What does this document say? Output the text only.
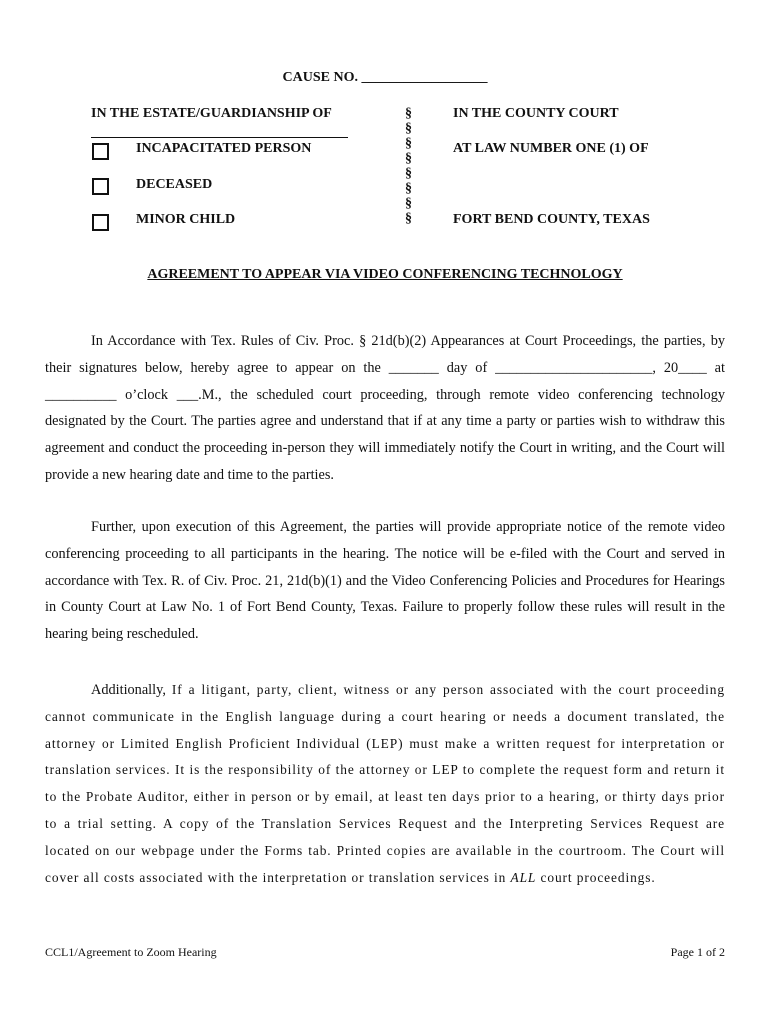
CAUSE NO. __________________
IN THE ESTATE/GUARDIANSHIP OF
INCAPACITATED PERSON
DECEASED
MINOR CHILD
§
§
§
§
§
§
§
§
IN THE COUNTY COURT
AT LAW NUMBER ONE (1) OF
FORT BEND COUNTY, TEXAS
AGREEMENT TO APPEAR VIA VIDEO CONFERENCING TECHNOLOGY

In Accordance with Tex. Rules of Civ. Proc. § 21d(b)(2) Appearances at Court Proceedings, the parties, by their signatures below, hereby agree to appear on the _______ day of ______________________, 20____ at __________ o’clock ___.M., the scheduled court proceeding, through remote video conferencing technology designated by the Court. The parties agree and understand that if at any time a party or parties wish to withdraw this agreement and conduct the proceeding in-person they will immediately notify the Court in writing, and the Court will provide a new hearing date and time to the parties.

Further, upon execution of this Agreement, the parties will provide appropriate notice of the remote video conferencing proceeding to all participants in the hearing. The notice will be e-filed with the Court and served in accordance with Tex. R. of Civ. Proc. 21, 21d(b)(1) and the Video Conferencing Policies and Procedures for Hearings in County Court at Law No. 1 of Fort Bend County, Texas. Failure to properly follow these rules will result in the hearing being rescheduled.

Additionally, If a litigant, party, client, witness or any person associated with the court proceeding cannot communicate in the English language during a court hearing or needs a document translated, the attorney or Limited English Proficient Individual (LEP) must make a written request for interpretation or translation services. It is the responsibility of the attorney or LEP to complete the request form and return it to the Probate Auditor, either in person or by email, at least ten days prior to a hearing, or thirty days prior to a trial setting. A copy of the Translation Services Request and the Interpreting Services Request are located on our webpage under the Forms tab. Printed copies are available in the courtroom. The Court will cover all costs associated with the interpretation or translation services in ALL court proceedings.

CCL1/Agreement to Zoom Hearing	Page 1 of 2
